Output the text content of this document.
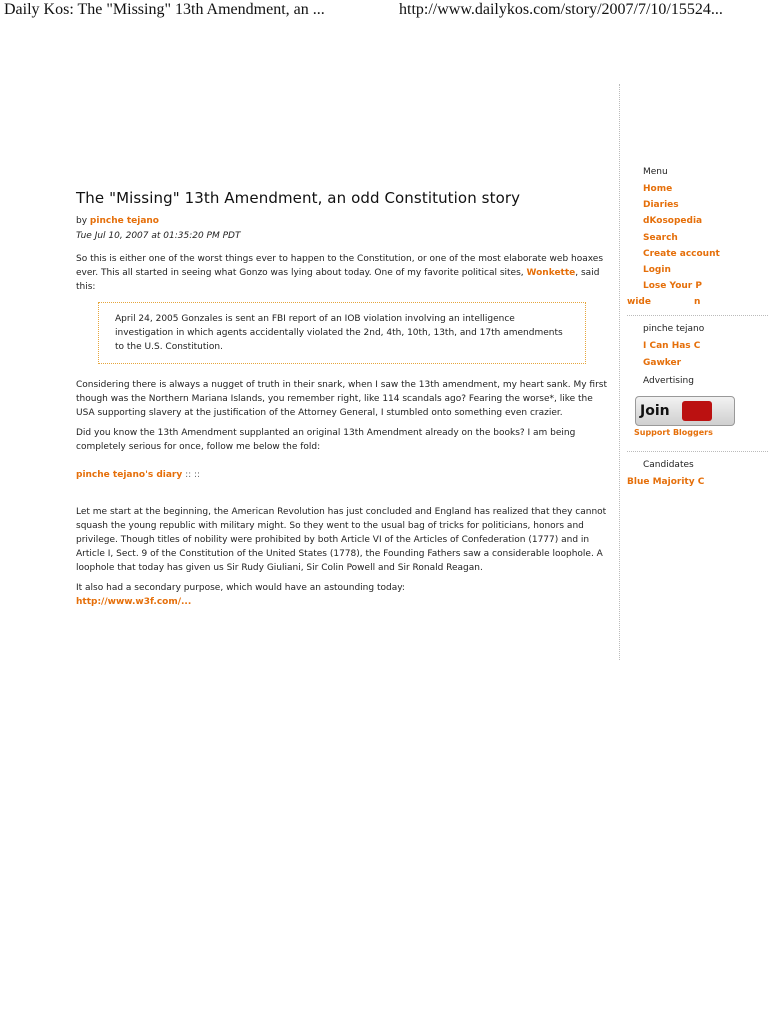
Daily Kos: The "Missing" 13th Amendment, an ...	http://www.dailykos.com/story/2007/7/10/15524...
The "Missing" 13th Amendment, an odd Constitution story
by pinche tejano
Tue Jul 10, 2007 at 01:35:20 PM PDT

So this is either one of the worst things ever to happen to the Constitution, or one of the most elaborate web hoaxes ever. This all started in seeing what Gonzo was lying about today. One of my favorite political sites, Wonkette, said this:

April 24, 2005 Gonzales is sent an FBI report of an IOB violation involving an intelligence investigation in which agents accidentally violated the 2nd, 4th, 10th, 13th, and 17th amendments to the U.S. Constitution.

Considering there is always a nugget of truth in their snark, when I saw the 13th amendment, my heart sank. My first though was the Northern Mariana Islands, you remember right, like 114 scandals ago? Fearing the worse*, like the USA supporting slavery at the justification of the Attorney General, I stumbled onto something even crazier.

Did you know the 13th Amendment supplanted an original 13th Amendment already on the books? I am being completely serious for once, follow me below the fold:

pinche tejano's diary :: ::

Let me start at the beginning, the American Revolution has just concluded and England has realized that they cannot squash the young republic with military might. So they went to the usual bag of tricks for politicians, honors and privilege. Though titles of nobility were prohibited by both Article VI of the Articles of Confederation (1777) and in Article I, Sect. 9 of the Constitution of the United States (1778), the Founding Fathers saw a considerable loophole. A loophole that today has given us Sir Rudy Giuliani, Sir Colin Powell and Sir Ronald Reagan.

It also had a secondary purpose, which would have an astounding today:
http://www.w3f.com/...

Menu
Home
Diaries
dKosopedia
Search
Create account
Login
Lose Your P
wide	n
pinche tejano
I Can Has C
Gawker
Advertising
Join
Support Bloggers
Candidates
Blue Majority C
